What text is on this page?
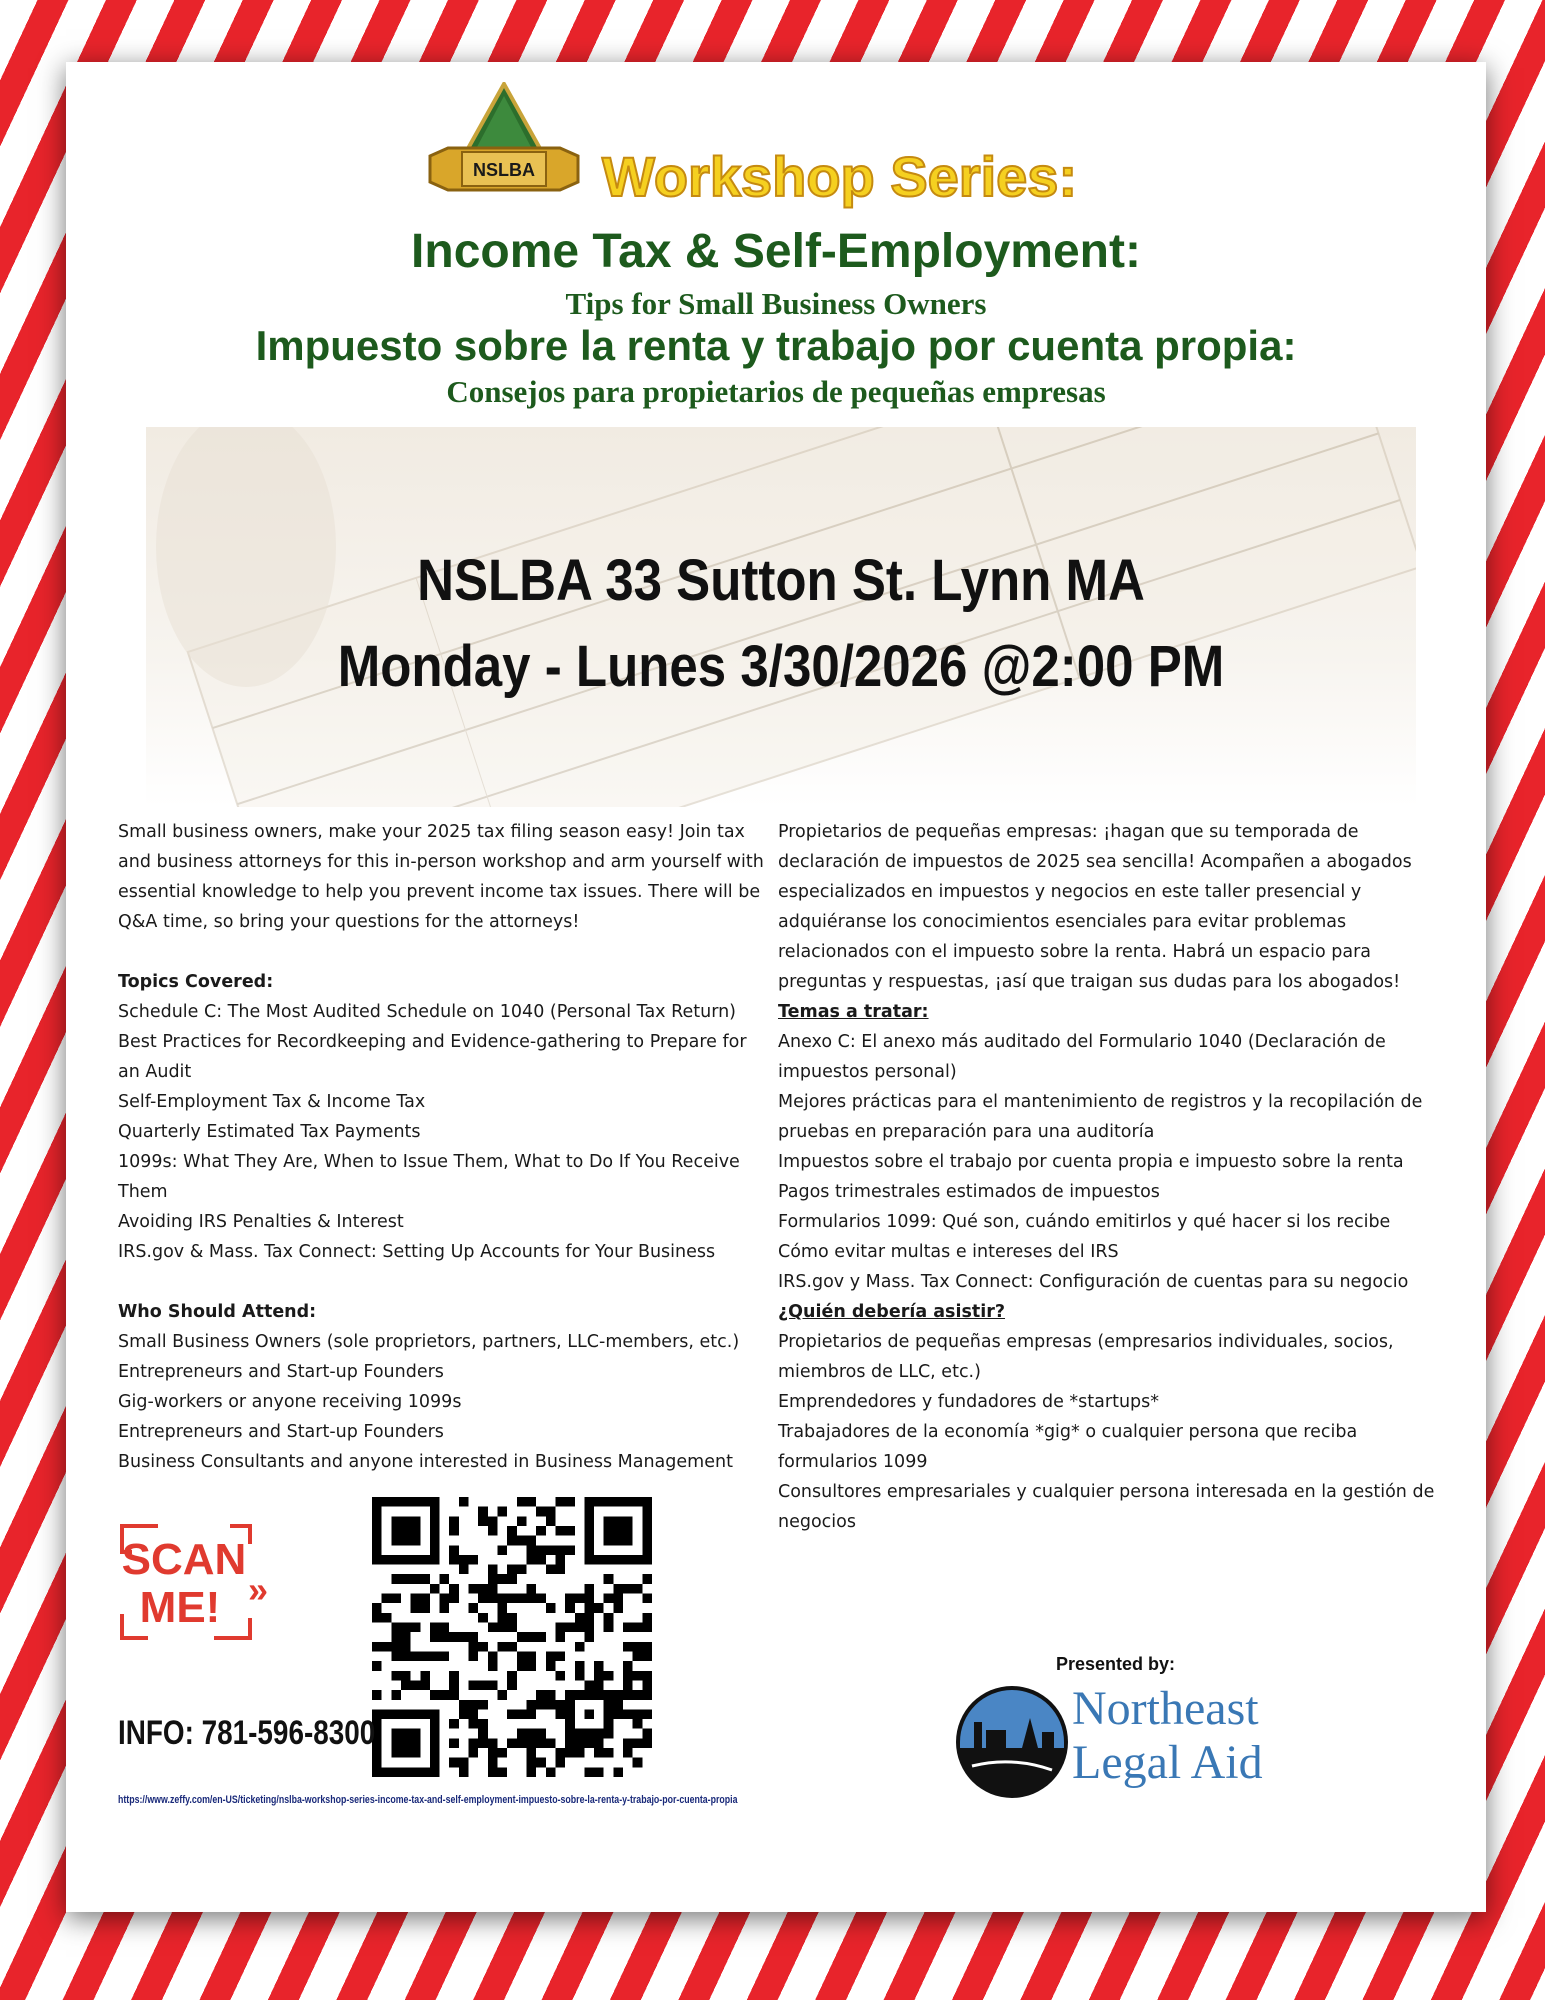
NSLBA Workshop Series:
Income Tax & Self-Employment:
Tips for Small Business Owners
Impuesto sobre la renta y trabajo por cuenta propia:
Consejos para propietarios de pequeñas empresas
NSLBA 33 Sutton St. Lynn MA
Monday - Lunes 3/30/2026 @2:00 PM

Small business owners, make your 2025 tax filing season easy! Join tax and business attorneys for this in-person workshop and arm yourself with essential knowledge to help you prevent income tax issues. There will be Q&A time, so bring your questions for the attorneys!

Topics Covered:

Schedule C: The Most Audited Schedule on 1040 (Personal Tax Return)

Best Practices for Recordkeeping and Evidence-gathering to Prepare for an Audit

Self-Employment Tax & Income Tax

Quarterly Estimated Tax Payments

1099s: What They Are, When to Issue Them, What to Do If You Receive Them

Avoiding IRS Penalties & Interest

IRS.gov & Mass. Tax Connect: Setting Up Accounts for Your Business

Who Should Attend:

Small Business Owners (sole proprietors, partners, LLC-members, etc.)

Entrepreneurs and Start-up Founders

Gig-workers or anyone receiving 1099s

Entrepreneurs and Start-up Founders

Business Consultants and anyone interested in Business Management

Propietarios de pequeñas empresas: ¡hagan que su temporada de declaración de impuestos de 2025 sea sencilla! Acompañen a abogados especializados en impuestos y negocios en este taller presencial y adquiéranse los conocimientos esenciales para evitar problemas relacionados con el impuesto sobre la renta. Habrá un espacio para preguntas y respuestas, ¡así que traigan sus dudas para los abogados!

Temas a tratar:

Anexo C: El anexo más auditado del Formulario 1040 (Declaración de impuestos personal)

Mejores prácticas para el mantenimiento de registros y la recopilación de pruebas en preparación para una auditoría

Impuestos sobre el trabajo por cuenta propia e impuesto sobre la renta

Pagos trimestrales estimados de impuestos

Formularios 1099: Qué son, cuándo emitirlos y qué hacer si los recibe

Cómo evitar multas e intereses del IRS

IRS.gov y Mass. Tax Connect: Configuración de cuentas para su negocio

¿Quién debería asistir?

Propietarios de pequeñas empresas (empresarios individuales, socios, miembros de LLC, etc.)

Emprendedores y fundadores de *startups*

Trabajadores de la economía *gig* o cualquier persona que reciba formularios 1099

Consultores empresariales y cualquier persona interesada en la gestión de negocios

SCAN
ME! »
INFO: 781-596-8300
https://www.zeffy.com/en-US/ticketing/nslba-workshop-series-income-tax-and-self-employment-impuesto-sobre-la-renta-y-trabajo-por-cuenta-propia
Presented by:
Northeast
Legal Aid
